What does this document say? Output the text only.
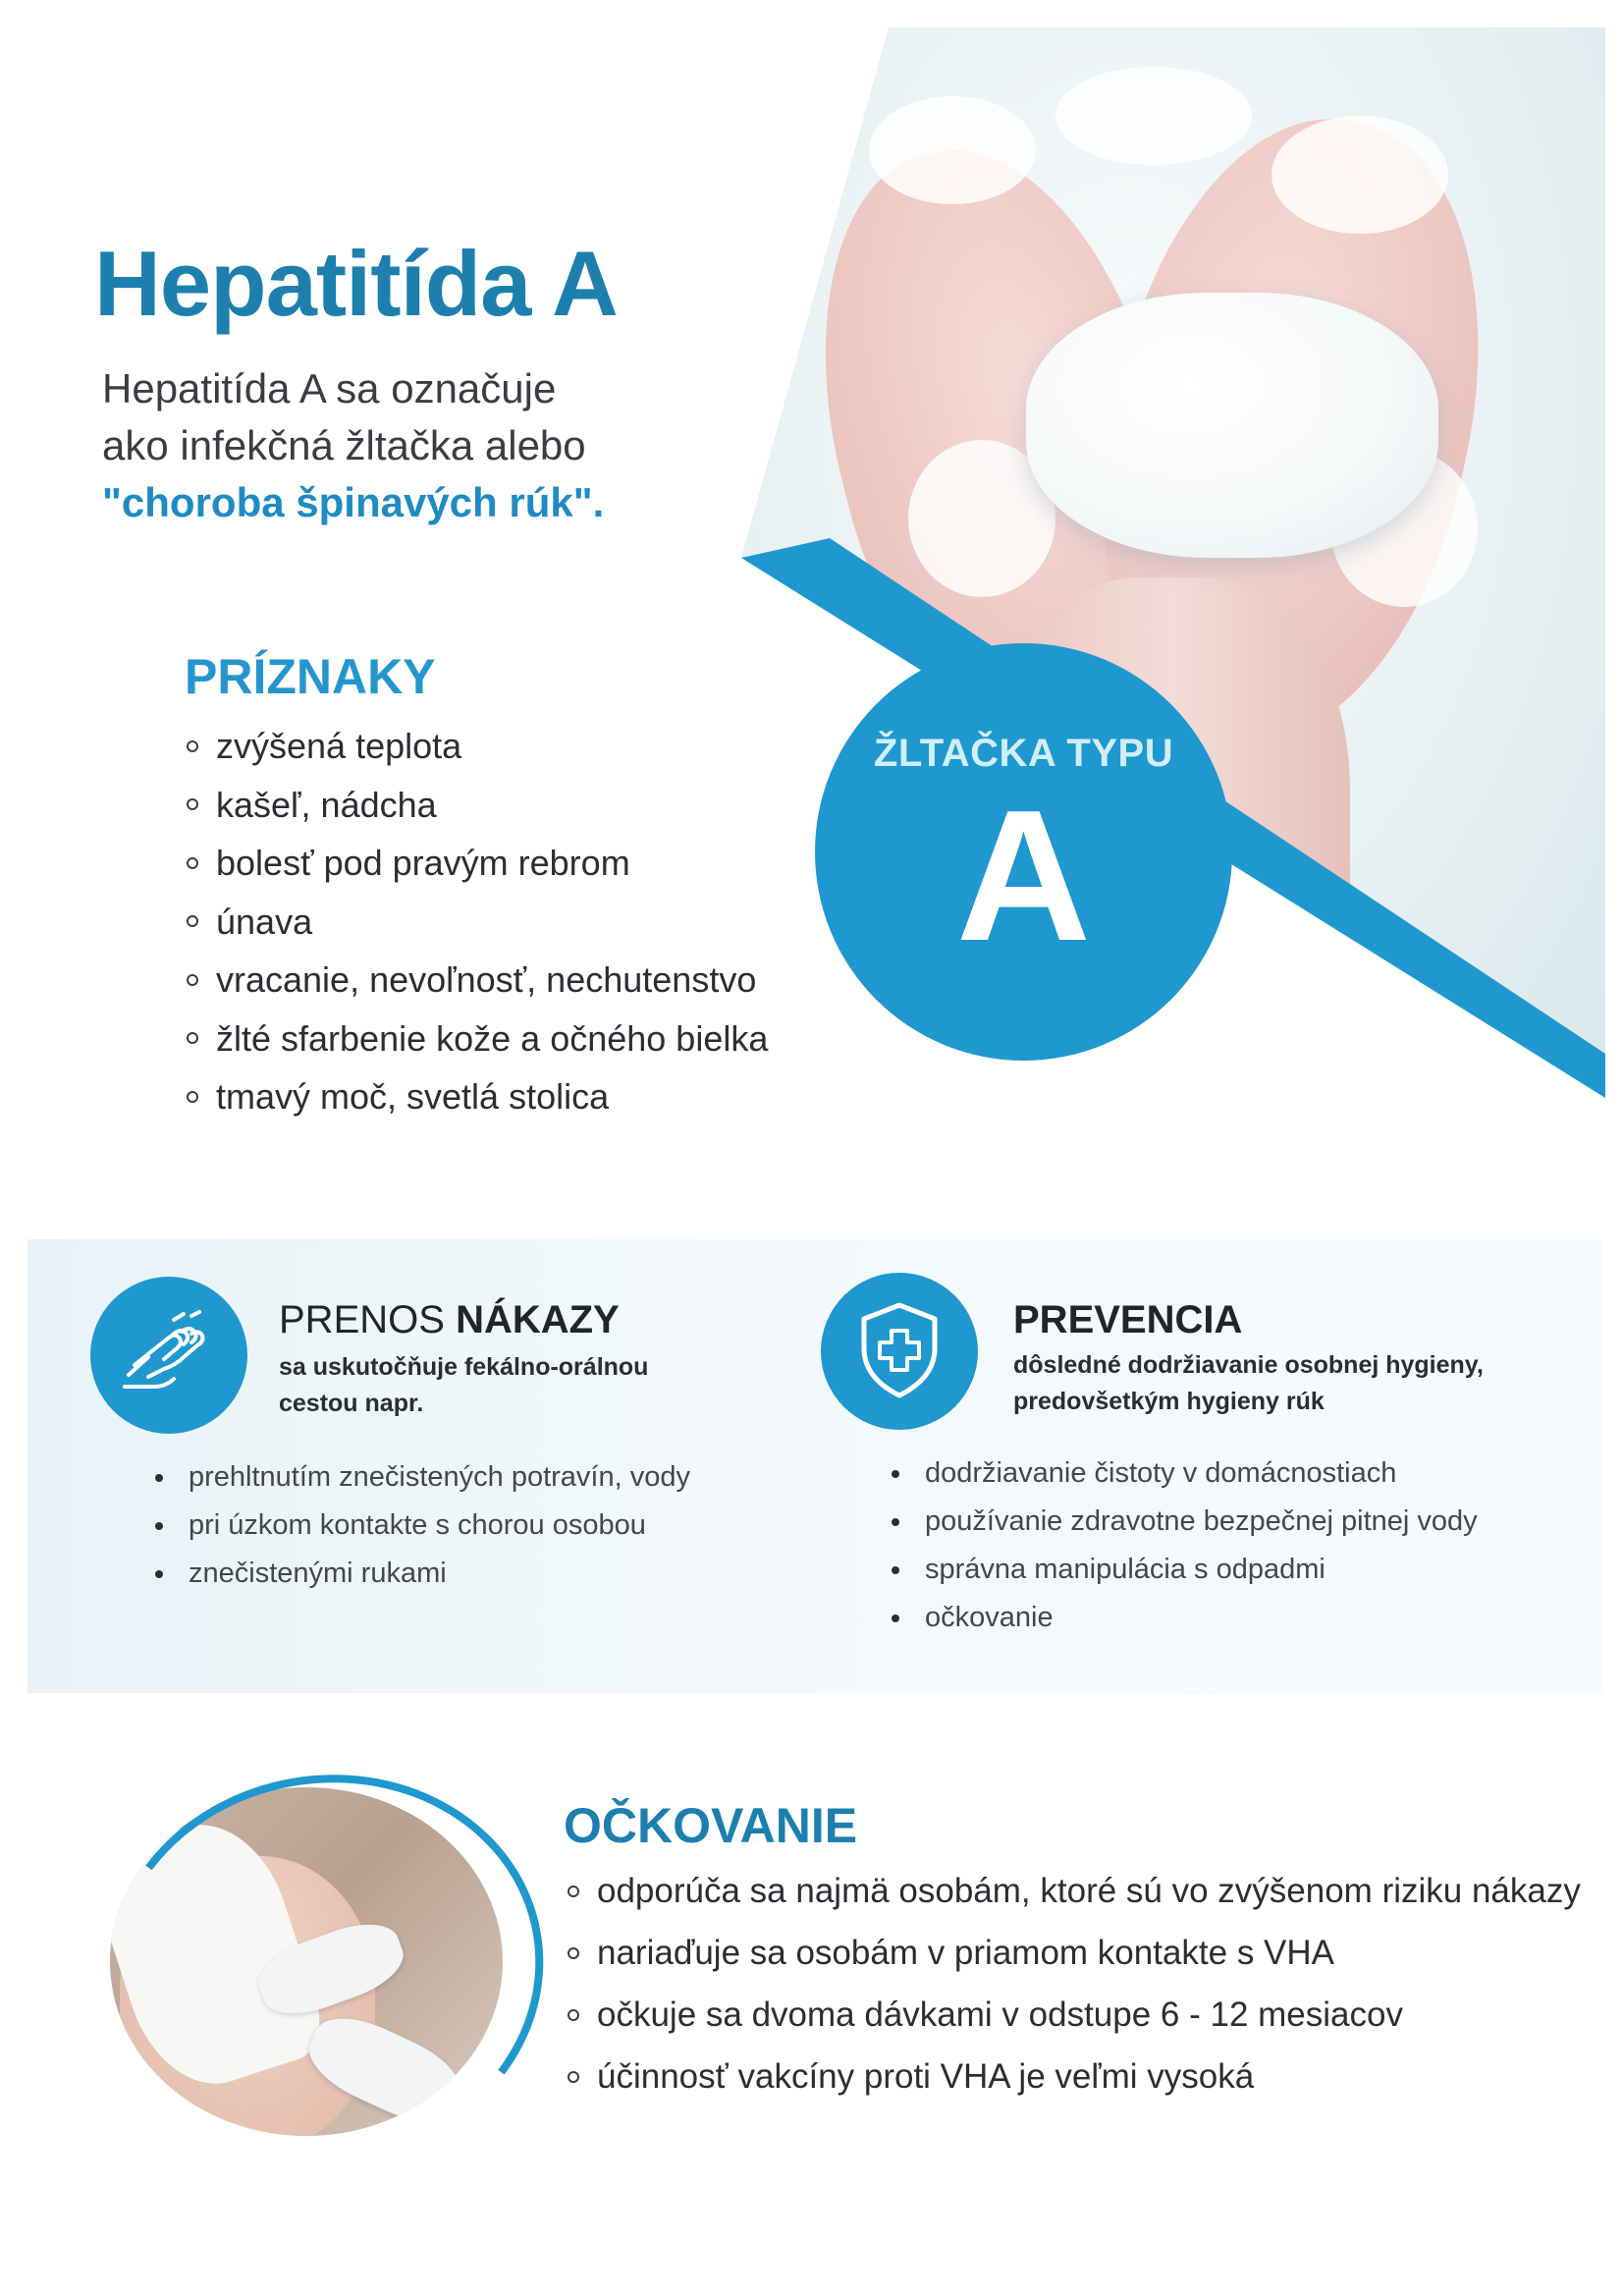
Hepatitída A
Hepatitída A sa označuje
ako infekčná žltačka alebo
"choroba špinavých rúk".
PRÍZNAKY
zvýšená teplota
kašeľ, nádcha
bolesť pod pravým rebrom
únava
vracanie, nevoľnosť, nechutenstvo
žlté sfarbenie kože a očného bielka
tmavý moč, svetlá stolica
ŽLTAČKA TYPU
A
PRENOS NÁKAZY
sa uskutočňuje fekálno-orálnou cestou napr.
prehltnutím znečistených potravín, vody
pri úzkom kontakte s chorou osobou
znečistenými rukami
PREVENCIA
dôsledné dodržiavanie osobnej hygieny, predovšetkým hygieny rúk
dodržiavanie čistoty v domácnostiach
používanie zdravotne bezpečnej pitnej vody
správna manipulácia s odpadmi
očkovanie
OČKOVANIE
odporúča sa najmä osobám, ktoré sú vo zvýšenom riziku nákazy
nariaďuje sa osobám v priamom kontakte s VHA
očkuje sa dvoma dávkami v odstupe 6 - 12 mesiacov
účinnosť vakcíny proti VHA je veľmi vysoká
